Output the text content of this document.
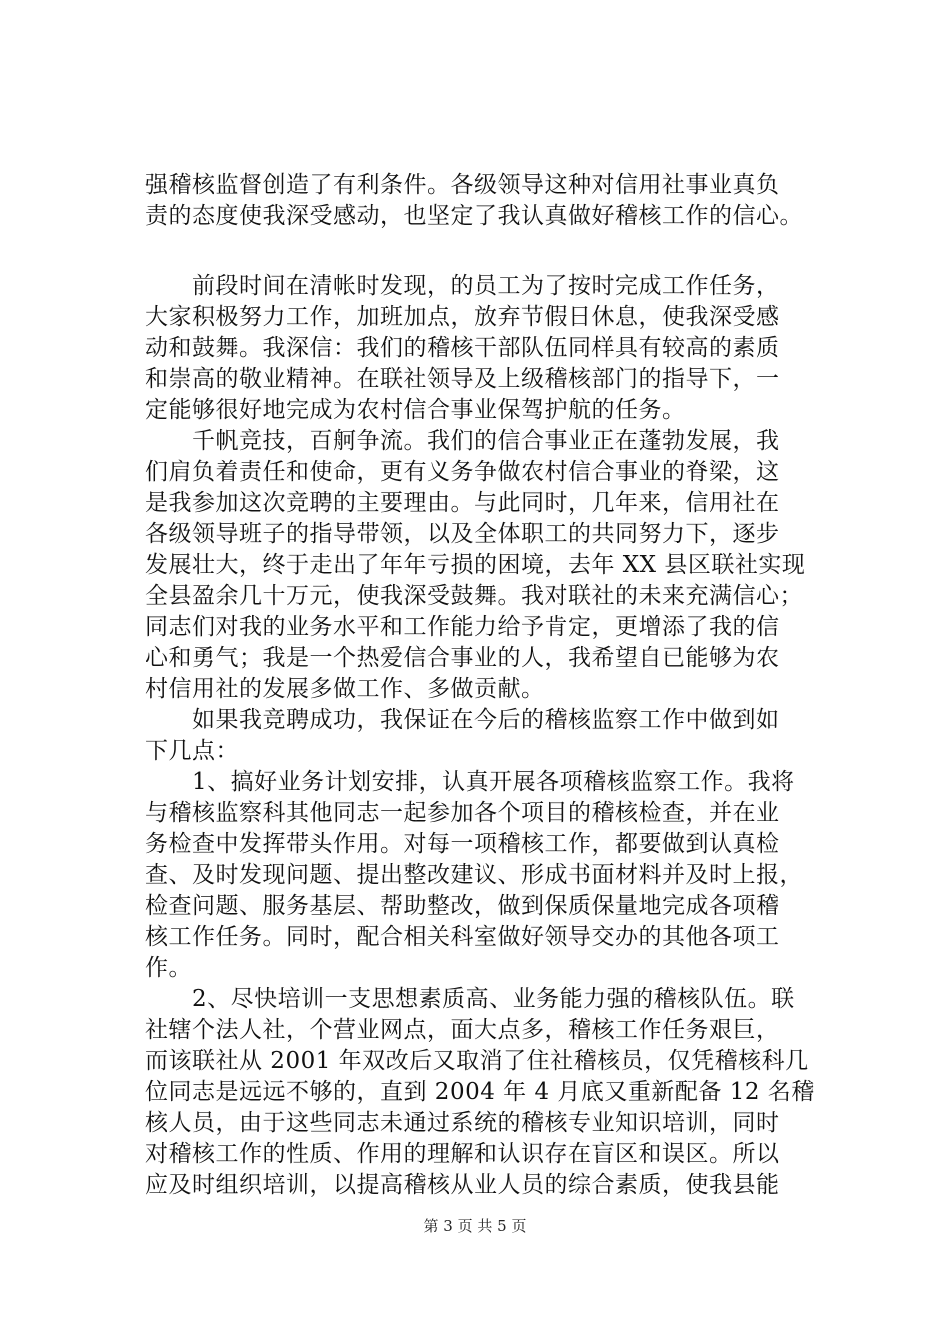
强稽核监督创造了有利条件。各级领导这种对信用社事业真负
责的态度使我深受感动，也坚定了我认真做好稽核工作的信心。
　　前段时间在清帐时发现，的员工为了按时完成工作任务，
大家积极努力工作，加班加点，放弃节假日休息，使我深受感
动和鼓舞。我深信：我们的稽核干部队伍同样具有较高的素质
和崇高的敬业精神。在联社领导及上级稽核部门的指导下，一
定能够很好地完成为农村信合事业保驾护航的任务。
　　千帆竞技，百舸争流。我们的信合事业正在蓬勃发展，我
们肩负着责任和使命，更有义务争做农村信合事业的脊梁，这
是我参加这次竞聘的主要理由。与此同时，几年来，信用社在
各级领导班子的指导带领，以及全体职工的共同努力下，逐步
发展壮大，终于走出了年年亏损的困境，去年 XX 县区联社实现
全县盈余几十万元，使我深受鼓舞。我对联社的未来充满信心；
同志们对我的业务水平和工作能力给予肯定，更增添了我的信
心和勇气；我是一个热爱信合事业的人，我希望自已能够为农
村信用社的发展多做工作、多做贡献。
　　如果我竞聘成功，我保证在今后的稽核监察工作中做到如
下几点：
　　1、搞好业务计划安排，认真开展各项稽核监察工作。我将
与稽核监察科其他同志一起参加各个项目的稽核检查，并在业
务检查中发挥带头作用。对每一项稽核工作，都要做到认真检
查、及时发现问题、提出整改建议、形成书面材料并及时上报，
检查问题、服务基层、帮助整改，做到保质保量地完成各项稽
核工作任务。同时，配合相关科室做好领导交办的其他各项工
作。
　　2、尽快培训一支思想素质高、业务能力强的稽核队伍。联
社辖个法人社，个营业网点，面大点多，稽核工作任务艰巨，
而该联社从 2001 年双改后又取消了住社稽核员，仅凭稽核科几
位同志是远远不够的，直到 2004 年 4 月底又重新配备 12 名稽
核人员，由于这些同志未通过系统的稽核专业知识培训，同时
对稽核工作的性质、作用的理解和认识存在盲区和误区。所以
应及时组织培训，以提高稽核从业人员的综合素质，使我县能
第 3 页 共 5 页
